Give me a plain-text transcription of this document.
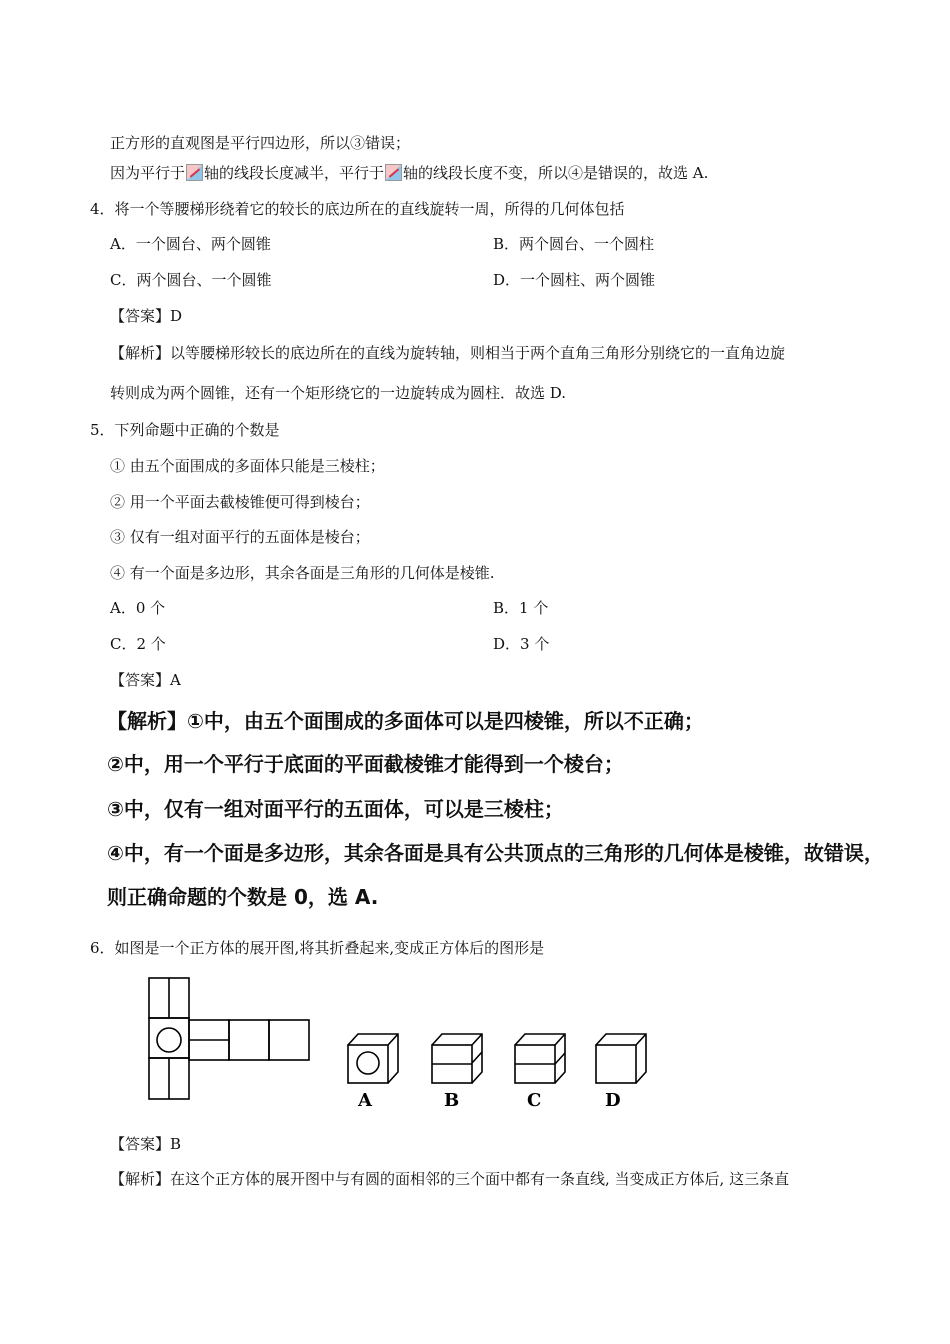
正方形的直观图是平行四边形，所以③错误；
因为平行于 轴的线段长度减半，平行于 轴的线段长度不变，所以④是错误的，故选 A.
4．将一个等腰梯形绕着它的较长的底边所在的直线旋转一周，所得的几何体包括
A．一个圆台、两个圆锥	B．两个圆台、一个圆柱
C．两个圆台、一个圆锥	D．一个圆柱、两个圆锥
【答案】D
【解析】以等腰梯形较长的底边所在的直线为旋转轴，则相当于两个直角三角形分别绕它的一直角边旋
转则成为两个圆锥，还有一个矩形绕它的一边旋转成为圆柱．故选 D.
5．下列命题中正确的个数是
① 由五个面围成的多面体只能是三棱柱；
② 用一个平面去截棱锥便可得到棱台；
③ 仅有一组对面平行的五面体是棱台；
④ 有一个面是多边形，其余各面是三角形的几何体是棱锥.
A．0 个	B．1 个
C．2 个	D．3 个
【答案】A
【解析】①中，由五个面围成的多面体可以是四棱锥，所以不正确；
②中，用一个平行于底面的平面截棱锥才能得到一个棱台；
③中，仅有一组对面平行的五面体，可以是三棱柱；
④中，有一个面是多边形，其余各面是具有公共顶点的三角形的几何体是棱锥，故错误，
则正确命题的个数是 0，选 A.
6．如图是一个正方体的展开图,将其折叠起来,变成正方体后的图形是
A	B	C	D
【答案】B
【解析】在这个正方体的展开图中与有圆的面相邻的三个面中都有一条直线, 当变成正方体后, 这三条直
